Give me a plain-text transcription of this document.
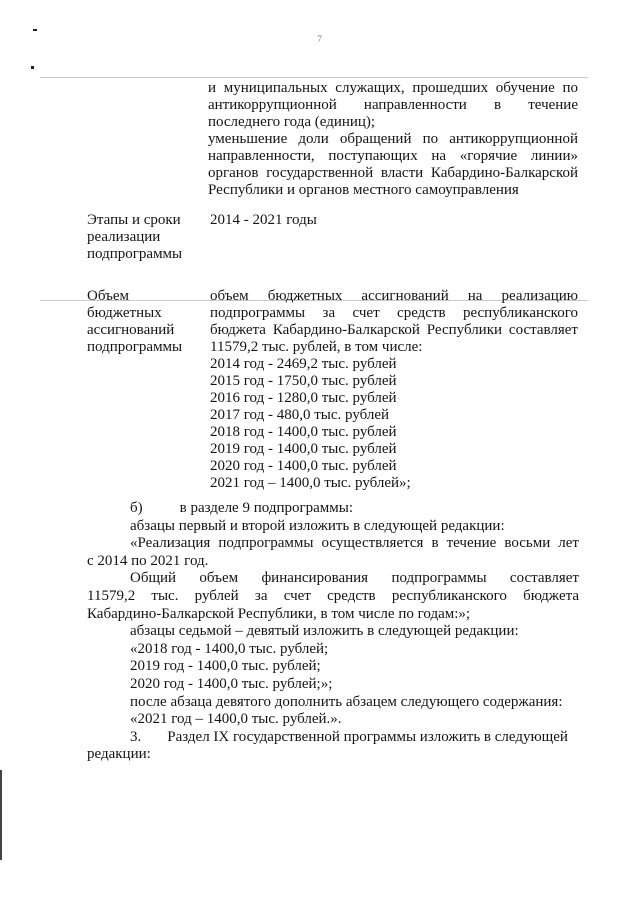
7
и муниципальных служащих, прошедших обучение по
антикоррупционной направленности в течение
последнего года (единиц);
уменьшение доли обращений по антикоррупционной
направленности, поступающих на «горячие линии»
органов государственной власти Кабардино-Балкарской
Республики и органов местного самоуправления
Этапы и сроки
реализации
подпрограммы
2014 - 2021 годы
Объем
бюджетных
ассигнований
подпрограммы
объем бюджетных ассигнований на реализацию
подпрограммы за счет средств республиканского
бюджета Кабардино-Балкарской Республики составляет
11579,2 тыс. рублей, в том числе:
2014 год - 2469,2 тыс. рублей
2015 год - 1750,0 тыс. рублей
2016 год - 1280,0 тыс. рублей
2017 год - 480,0 тыс. рублей
2018 год - 1400,0 тыс. рублей
2019 год - 1400,0 тыс. рублей
2020 год - 1400,0 тыс. рублей
2021 год – 1400,0 тыс. рублей»;

б) в разделе 9 подпрограммы:

абзацы первый и второй изложить в следующей редакции:

«Реализация подпрограммы осуществляется в течение восьми лет

с 2014 по 2021 год.

Общий объем финансирования подпрограммы составляет

11579,2 тыс. рублей за счет средств республиканского бюджета

Кабардино-Балкарской Республики, в том числе по годам:»;

абзацы седьмой – девятый изложить в следующей редакции:

«2018 год - 1400,0 тыс. рублей;

2019 год - 1400,0 тыс. рублей;

2020 год - 1400,0 тыс. рублей;»;

после абзаца девятого дополнить абзацем следующего содержания:

«2021 год – 1400,0 тыс. рублей.».

3. Раздел IX государственной программы изложить в следующей

редакции:
